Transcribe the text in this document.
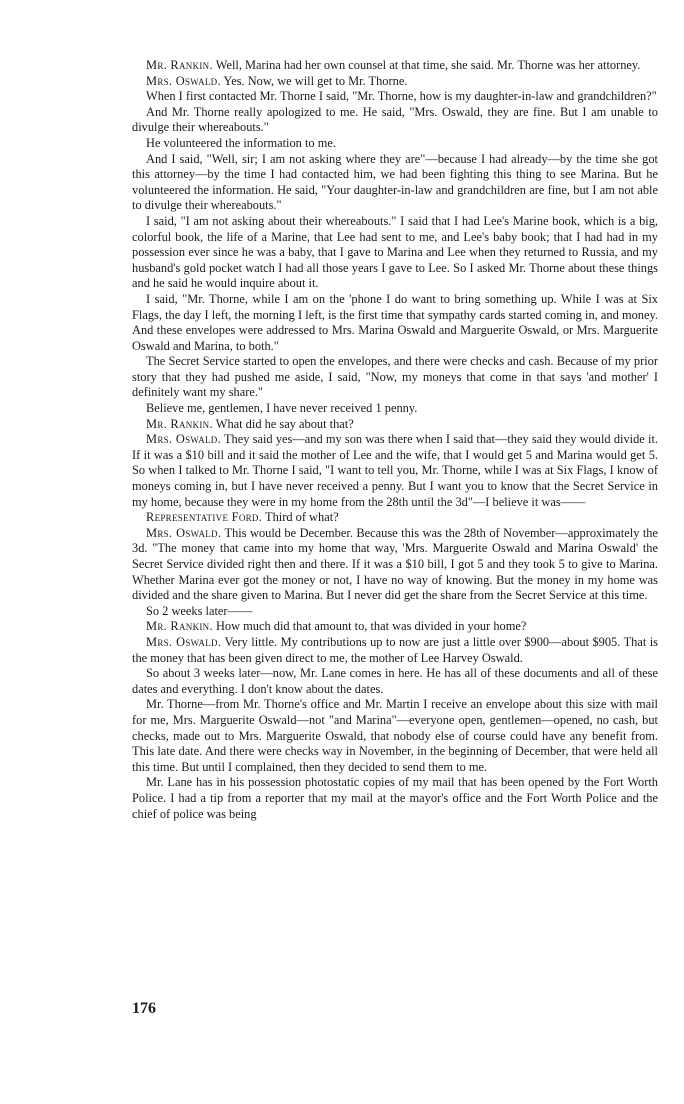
Mr. Rankin. Well, Marina had her own counsel at that time, she said. Mr. Thorne was her attorney.

Mrs. Oswald. Yes. Now, we will get to Mr. Thorne.

When I first contacted Mr. Thorne I said, "Mr. Thorne, how is my daughter-in-law and grandchildren?"

And Mr. Thorne really apologized to me. He said, "Mrs. Oswald, they are fine. But I am unable to divulge their whereabouts."

He volunteered the information to me.

And I said, "Well, sir; I am not asking where they are"—because I had already—by the time she got this attorney—by the time I had contacted him, we had been fighting this thing to see Marina. But he volunteered the information. He said, "Your daughter-in-law and grandchildren are fine, but I am not able to divulge their whereabouts."

I said, "I am not asking about their whereabouts." I said that I had Lee's Marine book, which is a big, colorful book, the life of a Marine, that Lee had sent to me, and Lee's baby book; that I had had in my possession ever since he was a baby, that I gave to Marina and Lee when they returned to Russia, and my husband's gold pocket watch I had all those years I gave to Lee. So I asked Mr. Thorne about these things and he said he would inquire about it.

I said, "Mr. Thorne, while I am on the 'phone I do want to bring something up. While I was at Six Flags, the day I left, the morning I left, is the first time that sympathy cards started coming in, and money. And these envelopes were addressed to Mrs. Marina Oswald and Marguerite Oswald, or Mrs. Marguerite Oswald and Marina, to both."

The Secret Service started to open the envelopes, and there were checks and cash. Because of my prior story that they had pushed me aside, I said, "Now, my moneys that come in that says 'and mother' I definitely want my share."

Believe me, gentlemen, I have never received 1 penny.

Mr. Rankin. What did he say about that?

Mrs. Oswald. They said yes—and my son was there when I said that—they said they would divide it. If it was a $10 bill and it said the mother of Lee and the wife, that I would get 5 and Marina would get 5. So when I talked to Mr. Thorne I said, "I want to tell you, Mr. Thorne, while I was at Six Flags, I know of moneys coming in, but I have never received a penny. But I want you to know that the Secret Service in my home, because they were in my home from the 28th until the 3d"—I believe it was——

Representative Ford. Third of what?

Mrs. Oswald. This would be December. Because this was the 28th of November—approximately the 3d. "The money that came into my home that way, 'Mrs. Marguerite Oswald and Marina Oswald' the Secret Service divided right then and there. If it was a $10 bill, I got 5 and they took 5 to give to Marina. Whether Marina ever got the money or not, I have no way of knowing. But the money in my home was divided and the share given to Marina. But I never did get the share from the Secret Service at this time.

So 2 weeks later——

Mr. Rankin. How much did that amount to, that was divided in your home?

Mrs. Oswald. Very little. My contributions up to now are just a little over $900—about $905. That is the money that has been given direct to me, the mother of Lee Harvey Oswald.

So about 3 weeks later—now, Mr. Lane comes in here. He has all of these documents and all of these dates and everything. I don't know about the dates.

Mr. Thorne—from Mr. Thorne's office and Mr. Martin I receive an envelope about this size with mail for me, Mrs. Marguerite Oswald—not "and Marina"—everyone open, gentlemen—opened, no cash, but checks, made out to Mrs. Marguerite Oswald, that nobody else of course could have any benefit from. This late date. And there were checks way in November, in the beginning of December, that were held all this time. But until I complained, then they decided to send them to me.

Mr. Lane has in his possession photostatic copies of my mail that has been opened by the Fort Worth Police. I had a tip from a reporter that my mail at the mayor's office and the Fort Worth Police and the chief of police was being

176
